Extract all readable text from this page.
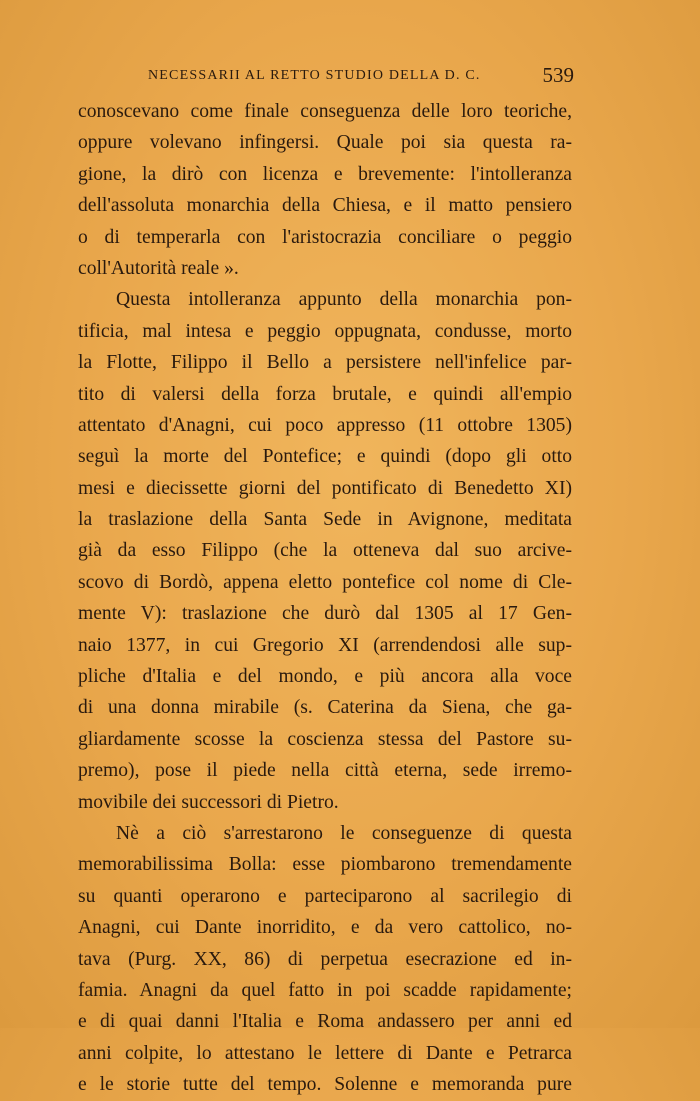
NECESSARII AL RETTO STUDIO DELLA D. C.	539
conoscevano come finale conseguenza delle loro teoriche,
oppure volevano infingersi. Quale poi sia questa ra-
gione, la dirò con licenza e brevemente: l'intolleranza
dell'assoluta monarchia della Chiesa, e il matto pensiero
o di temperarla con l'aristocrazia conciliare o peggio
coll'Autorità reale ».
Questa intolleranza appunto della monarchia pon-
tificia, mal intesa e peggio oppugnata, condusse, morto
la Flotte, Filippo il Bello a persistere nell'infelice par-
tito di valersi della forza brutale, e quindi all'empio
attentato d'Anagni, cui poco appresso (11 ottobre 1305)
seguì la morte del Pontefice; e quindi (dopo gli otto
mesi e diecissette giorni del pontificato di Benedetto XI)
la traslazione della Santa Sede in Avignone, meditata
già da esso Filippo (che la otteneva dal suo arcive-
scovo di Bordò, appena eletto pontefice col nome di Cle-
mente V): traslazione che durò dal 1305 al 17 Gen-
naio 1377, in cui Gregorio XI (arrendendosi alle sup-
pliche d'Italia e del mondo, e più ancora alla voce
di una donna mirabile (s. Caterina da Siena, che ga-
gliardamente scosse la coscienza stessa del Pastore su-
premo), pose il piede nella città eterna, sede irremo-
movibile dei successori di Pietro.
Nè a ciò s'arrestarono le conseguenze di questa
memorabilissima Bolla: esse piombarono tremendamente
su quanti operarono e parteciparono al sacrilegio di
Anagni, cui Dante inorridito, e da vero cattolico, no-
tava (Purg. XX, 86) di perpetua esecrazione ed in-
famia. Anagni da quel fatto in poi scadde rapidamente;
e di quai danni l'Italia e Roma andassero per anni ed
anni colpite, lo attestano le lettere di Dante e Petrarca
e le storie tutte del tempo. Solenne e memoranda pure
